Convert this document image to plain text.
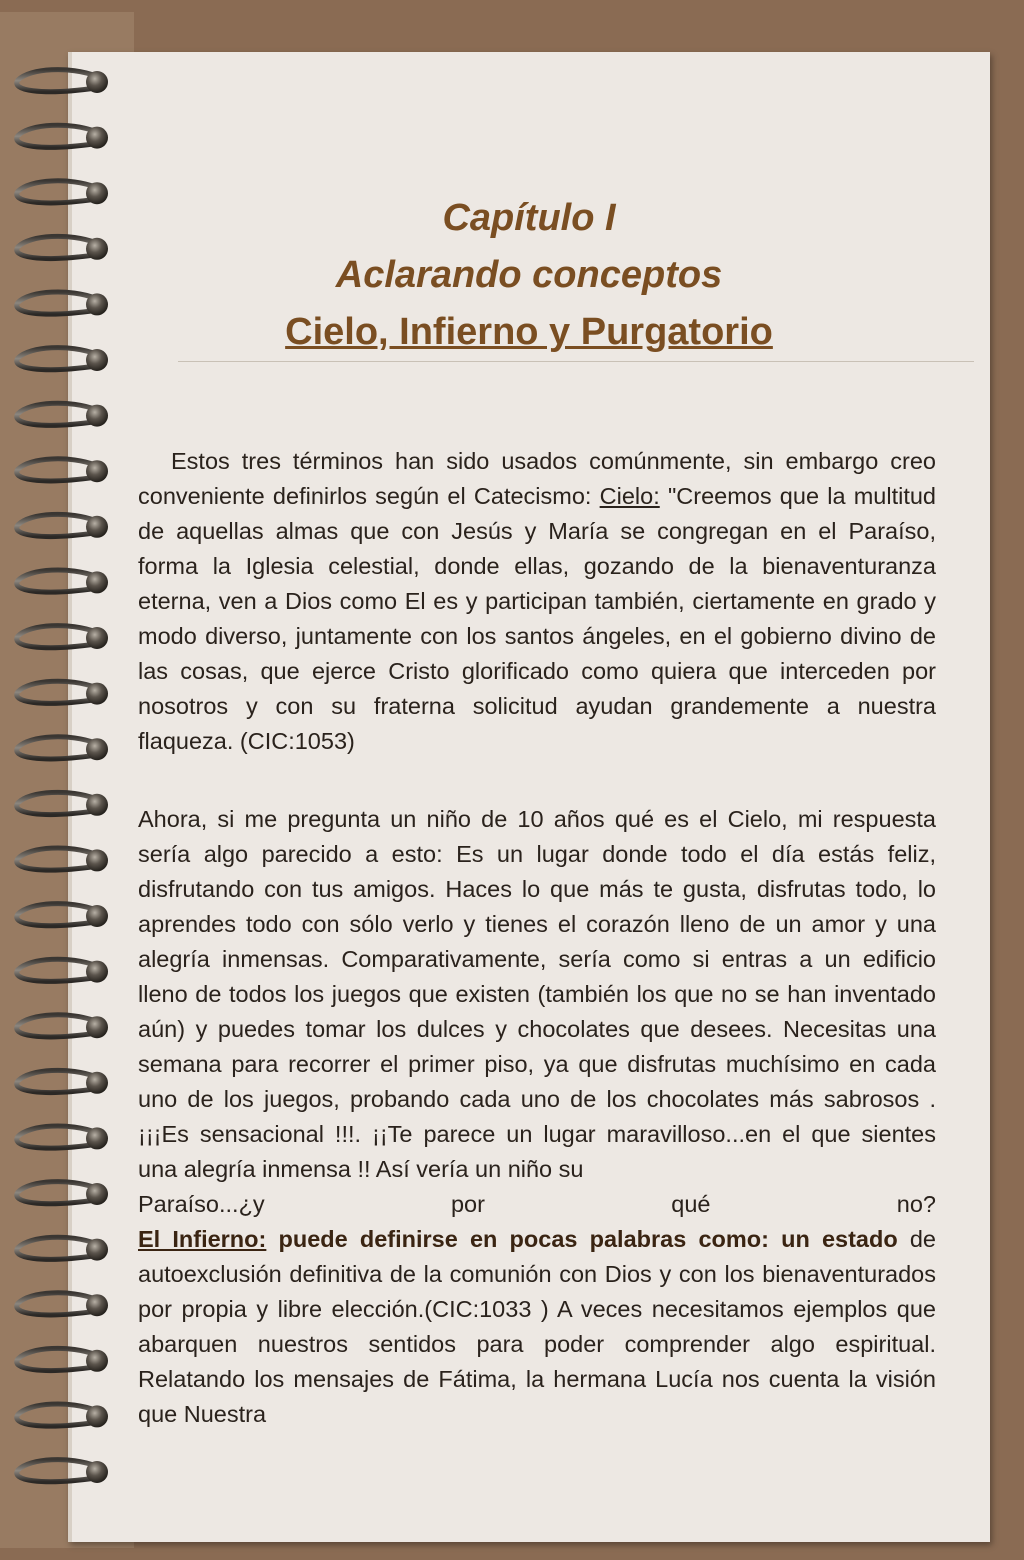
Capítulo I
Aclarando conceptos
Cielo, Infierno y Purgatorio

Estos tres términos han sido usados comúnmente, sin embargo creo conveniente definirlos según el Catecismo: Cielo: "Creemos que la multitud de aquellas almas que con Jesús y María se congregan en el Paraíso, forma la Iglesia celestial, donde ellas, gozando de la bienaventuranza eterna, ven a Dios como El es y participan también, ciertamente en grado y modo diverso, juntamente con los santos ángeles, en el gobierno divino de las cosas, que ejerce Cristo glorificado como quiera que interceden por nosotros y con su fraterna solicitud ayudan grandemente a nuestra flaqueza. (CIC:1053)

Ahora, si me pregunta un niño de 10 años qué es el Cielo, mi respuesta sería algo parecido a esto: Es un lugar donde todo el día estás feliz, disfrutando con tus amigos. Haces lo que más te gusta, disfrutas todo, lo aprendes todo con sólo verlo y tienes el corazón lleno de un amor y una alegría inmensas. Comparativamente, sería como si entras a un edificio lleno de todos los juegos que existen (también los que no se han inventado aún) y puedes tomar los dulces y chocolates que desees. Necesitas una semana para recorrer el primer piso, ya que disfrutas muchísimo en cada uno de los juegos, probando cada uno de los chocolates más sabrosos . ¡¡¡Es sensacional !!!. ¡¡Te parece un lugar maravilloso...en el que sientes una alegría inmensa !! Así vería un niño su
Paraíso...¿y por qué no?
El Infierno: puede definirse en pocas palabras como: un estado de autoexclusión definitiva de la comunión con Dios y con los bienaventurados por propia y libre elección.(CIC:1033 ) A veces necesitamos ejemplos que abarquen nuestros sentidos para poder comprender algo espiritual. Relatando los mensajes de Fátima, la hermana Lucía nos cuenta la visión que Nuestra
